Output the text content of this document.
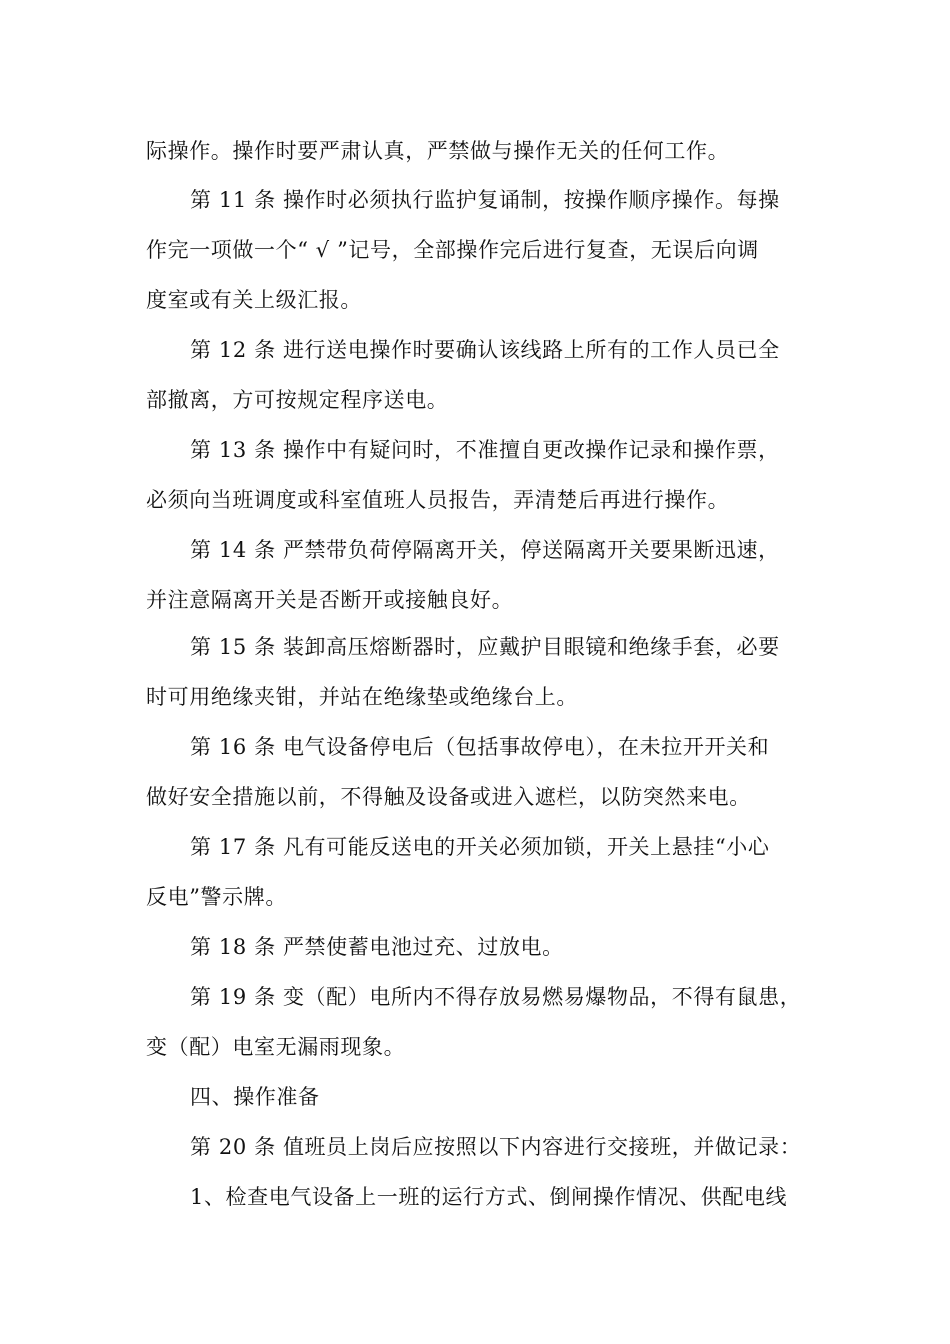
际操作。操作时要严肃认真，严禁做与操作无关的任何工作。
第 11 条 操作时必须执行监护复诵制，按操作顺序操作。每操
作完一项做一个“ √ ”记号，全部操作完后进行复查，无误后向调
度室或有关上级汇报。
第 12 条 进行送电操作时要确认该线路上所有的工作人员已全
部撤离，方可按规定程序送电。
第 13 条 操作中有疑问时，不准擅自更改操作记录和操作票，
必须向当班调度或科室值班人员报告，弄清楚后再进行操作。
第 14 条 严禁带负荷停隔离开关，停送隔离开关要果断迅速，
并注意隔离开关是否断开或接触良好。
第 15 条 装卸高压熔断器时，应戴护目眼镜和绝缘手套，必要
时可用绝缘夹钳，并站在绝缘垫或绝缘台上。
第 16 条 电气设备停电后（包括事故停电），在未拉开开关和
做好安全措施以前，不得触及设备或进入遮栏，以防突然来电。
第 17 条 凡有可能反送电的开关必须加锁，开关上悬挂“小心
反电”警示牌。
第 18 条 严禁使蓄电池过充、过放电。
第 19 条 变（配）电所内不得存放易燃易爆物品，不得有鼠患，
变（配）电室无漏雨现象。
四、操作准备
第 20 条 值班员上岗后应按照以下内容进行交接班，并做记录：
1、检查电气设备上一班的运行方式、倒闸操作情况、供配电线
